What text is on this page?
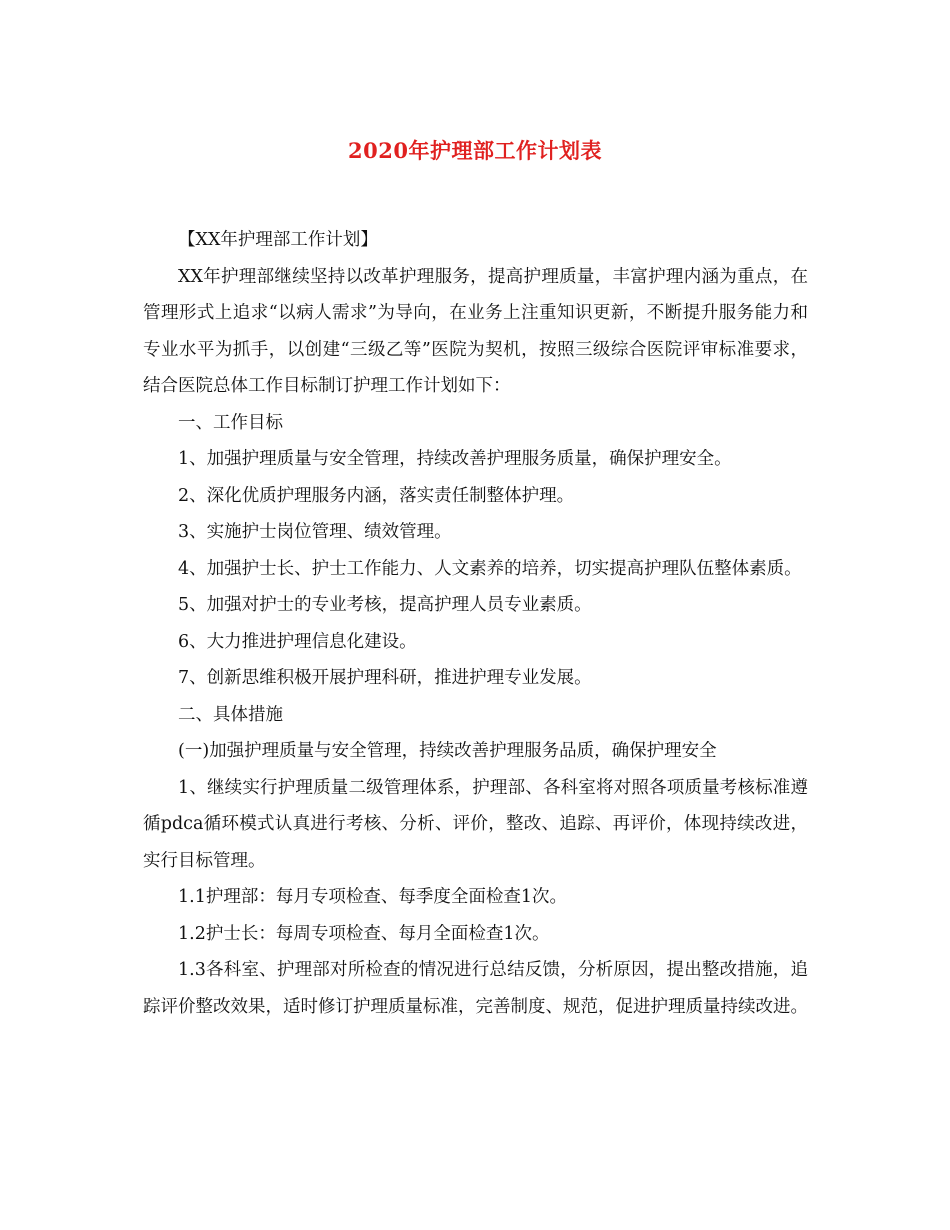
2020年护理部工作计划表

【XX年护理部工作计划】

XX年护理部继续坚持以改革护理服务，提高护理质量，丰富护理内涵为重点，在管理形式上追求“以病人需求”为导向，在业务上注重知识更新，不断提升服务能力和专业水平为抓手，以创建“三级乙等”医院为契机，按照三级综合医院评审标准要求，结合医院总体工作目标制订护理工作计划如下：

一、工作目标

1、加强护理质量与安全管理，持续改善护理服务质量，确保护理安全。

2、深化优质护理服务内涵，落实责任制整体护理。

3、实施护士岗位管理、绩效管理。

4、加强护士长、护士工作能力、人文素养的培养，切实提高护理队伍整体素质。

5、加强对护士的专业考核，提高护理人员专业素质。

6、大力推进护理信息化建设。

7、创新思维积极开展护理科研，推进护理专业发展。

二、具体措施

(一)加强护理质量与安全管理，持续改善护理服务品质，确保护理安全

1、继续实行护理质量二级管理体系，护理部、各科室将对照各项质量考核标准遵循pdca循环模式认真进行考核、分析、评价，整改、追踪、再评价，体现持续改进，实行目标管理。

1.1护理部：每月专项检查、每季度全面检查1次。

1.2护士长：每周专项检查、每月全面检查1次。

1.3各科室、护理部对所检查的情况进行总结反馈，分析原因，提出整改措施，追踪评价整改效果，适时修订护理质量标准，完善制度、规范，促进护理质量持续改进。
